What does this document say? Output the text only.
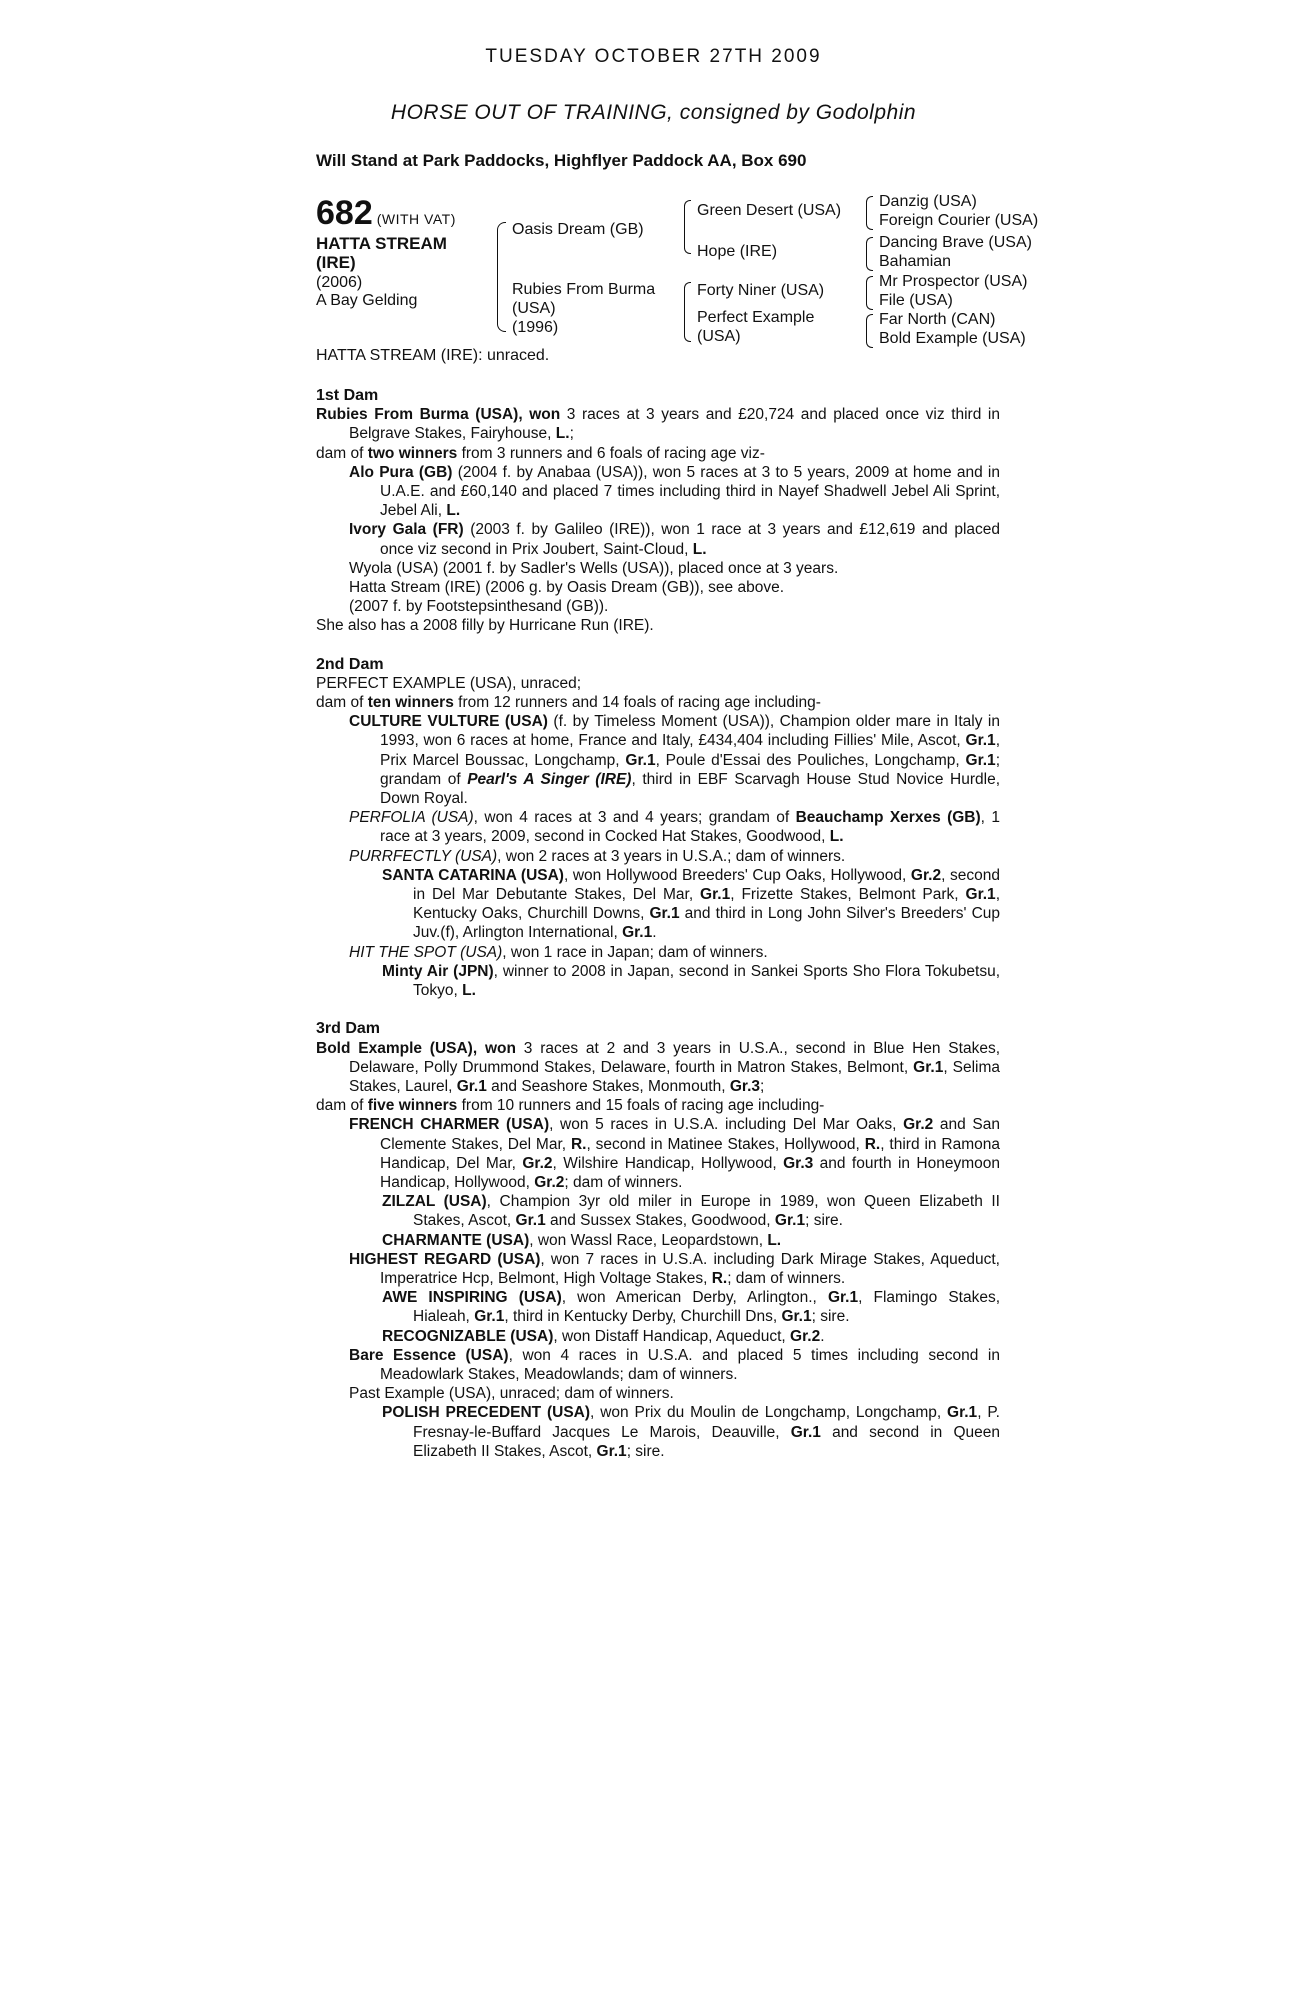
TUESDAY OCTOBER 27TH 2009
HORSE OUT OF TRAINING, consigned by Godolphin
Will Stand at Park Paddocks, Highflyer Paddock AA, Box 690
682 (WITH VAT)
HATTA STREAM
(IRE)
(2006)
A Bay Gelding
Oasis Dream (GB)
Rubies From Burma
(USA)
(1996)
Green Desert (USA)
Hope (IRE)
Forty Niner (USA)
Perfect Example
(USA)
Danzig (USA)
Foreign Courier (USA)
Dancing Brave (USA)
Bahamian
Mr Prospector (USA)
File (USA)
Far North (CAN)
Bold Example (USA)
HATTA STREAM (IRE): unraced.

1st Dam

Rubies From Burma (USA), won 3 races at 3 years and £20,724 and placed once viz third in Belgrave Stakes, Fairyhouse, L.;

dam of two winners from 3 runners and 6 foals of racing age viz-

Alo Pura (GB) (2004 f. by Anabaa (USA)), won 5 races at 3 to 5 years, 2009 at home and in U.A.E. and £60,140 and placed 7 times including third in Nayef Shadwell Jebel Ali Sprint, Jebel Ali, L.

Ivory Gala (FR) (2003 f. by Galileo (IRE)), won 1 race at 3 years and £12,619 and placed once viz second in Prix Joubert, Saint-Cloud, L.

Wyola (USA) (2001 f. by Sadler's Wells (USA)), placed once at 3 years.

Hatta Stream (IRE) (2006 g. by Oasis Dream (GB)), see above.

(2007 f. by Footstepsinthesand (GB)).

She also has a 2008 filly by Hurricane Run (IRE).

2nd Dam

PERFECT EXAMPLE (USA), unraced;

dam of ten winners from 12 runners and 14 foals of racing age including-

CULTURE VULTURE (USA) (f. by Timeless Moment (USA)), Champion older mare in Italy in 1993, won 6 races at home, France and Italy, £434,404 including Fillies' Mile, Ascot, Gr.1, Prix Marcel Boussac, Longchamp, Gr.1, Poule d'Essai des Pouliches, Longchamp, Gr.1; grandam of Pearl's A Singer (IRE), third in EBF Scarvagh House Stud Novice Hurdle, Down Royal.

PERFOLIA (USA), won 4 races at 3 and 4 years; grandam of Beauchamp Xerxes (GB), 1 race at 3 years, 2009, second in Cocked Hat Stakes, Goodwood, L.

PURRFECTLY (USA), won 2 races at 3 years in U.S.A.; dam of winners.

SANTA CATARINA (USA), won Hollywood Breeders' Cup Oaks, Hollywood, Gr.2, second in Del Mar Debutante Stakes, Del Mar, Gr.1, Frizette Stakes, Belmont Park, Gr.1, Kentucky Oaks, Churchill Downs, Gr.1 and third in Long John Silver's Breeders' Cup Juv.(f), Arlington International, Gr.1.

HIT THE SPOT (USA), won 1 race in Japan; dam of winners.

Minty Air (JPN), winner to 2008 in Japan, second in Sankei Sports Sho Flora Tokubetsu, Tokyo, L.

3rd Dam

Bold Example (USA), won 3 races at 2 and 3 years in U.S.A., second in Blue Hen Stakes, Delaware, Polly Drummond Stakes, Delaware, fourth in Matron Stakes, Belmont, Gr.1, Selima Stakes, Laurel, Gr.1 and Seashore Stakes, Monmouth, Gr.3;

dam of five winners from 10 runners and 15 foals of racing age including-

FRENCH CHARMER (USA), won 5 races in U.S.A. including Del Mar Oaks, Gr.2 and San Clemente Stakes, Del Mar, R., second in Matinee Stakes, Hollywood, R., third in Ramona Handicap, Del Mar, Gr.2, Wilshire Handicap, Hollywood, Gr.3 and fourth in Honeymoon Handicap, Hollywood, Gr.2; dam of winners.

ZILZAL (USA), Champion 3yr old miler in Europe in 1989, won Queen Elizabeth II Stakes, Ascot, Gr.1 and Sussex Stakes, Goodwood, Gr.1; sire.

CHARMANTE (USA), won Wassl Race, Leopardstown, L.

HIGHEST REGARD (USA), won 7 races in U.S.A. including Dark Mirage Stakes, Aqueduct, Imperatrice Hcp, Belmont, High Voltage Stakes, R.; dam of winners.

AWE INSPIRING (USA), won American Derby, Arlington., Gr.1, Flamingo Stakes, Hialeah, Gr.1, third in Kentucky Derby, Churchill Dns, Gr.1; sire.

RECOGNIZABLE (USA), won Distaff Handicap, Aqueduct, Gr.2.

Bare Essence (USA), won 4 races in U.S.A. and placed 5 times including second in Meadowlark Stakes, Meadowlands; dam of winners.

Past Example (USA), unraced; dam of winners.

POLISH PRECEDENT (USA), won Prix du Moulin de Longchamp, Longchamp, Gr.1, P. Fresnay-le-Buffard Jacques Le Marois, Deauville, Gr.1 and second in Queen Elizabeth II Stakes, Ascot, Gr.1; sire.
